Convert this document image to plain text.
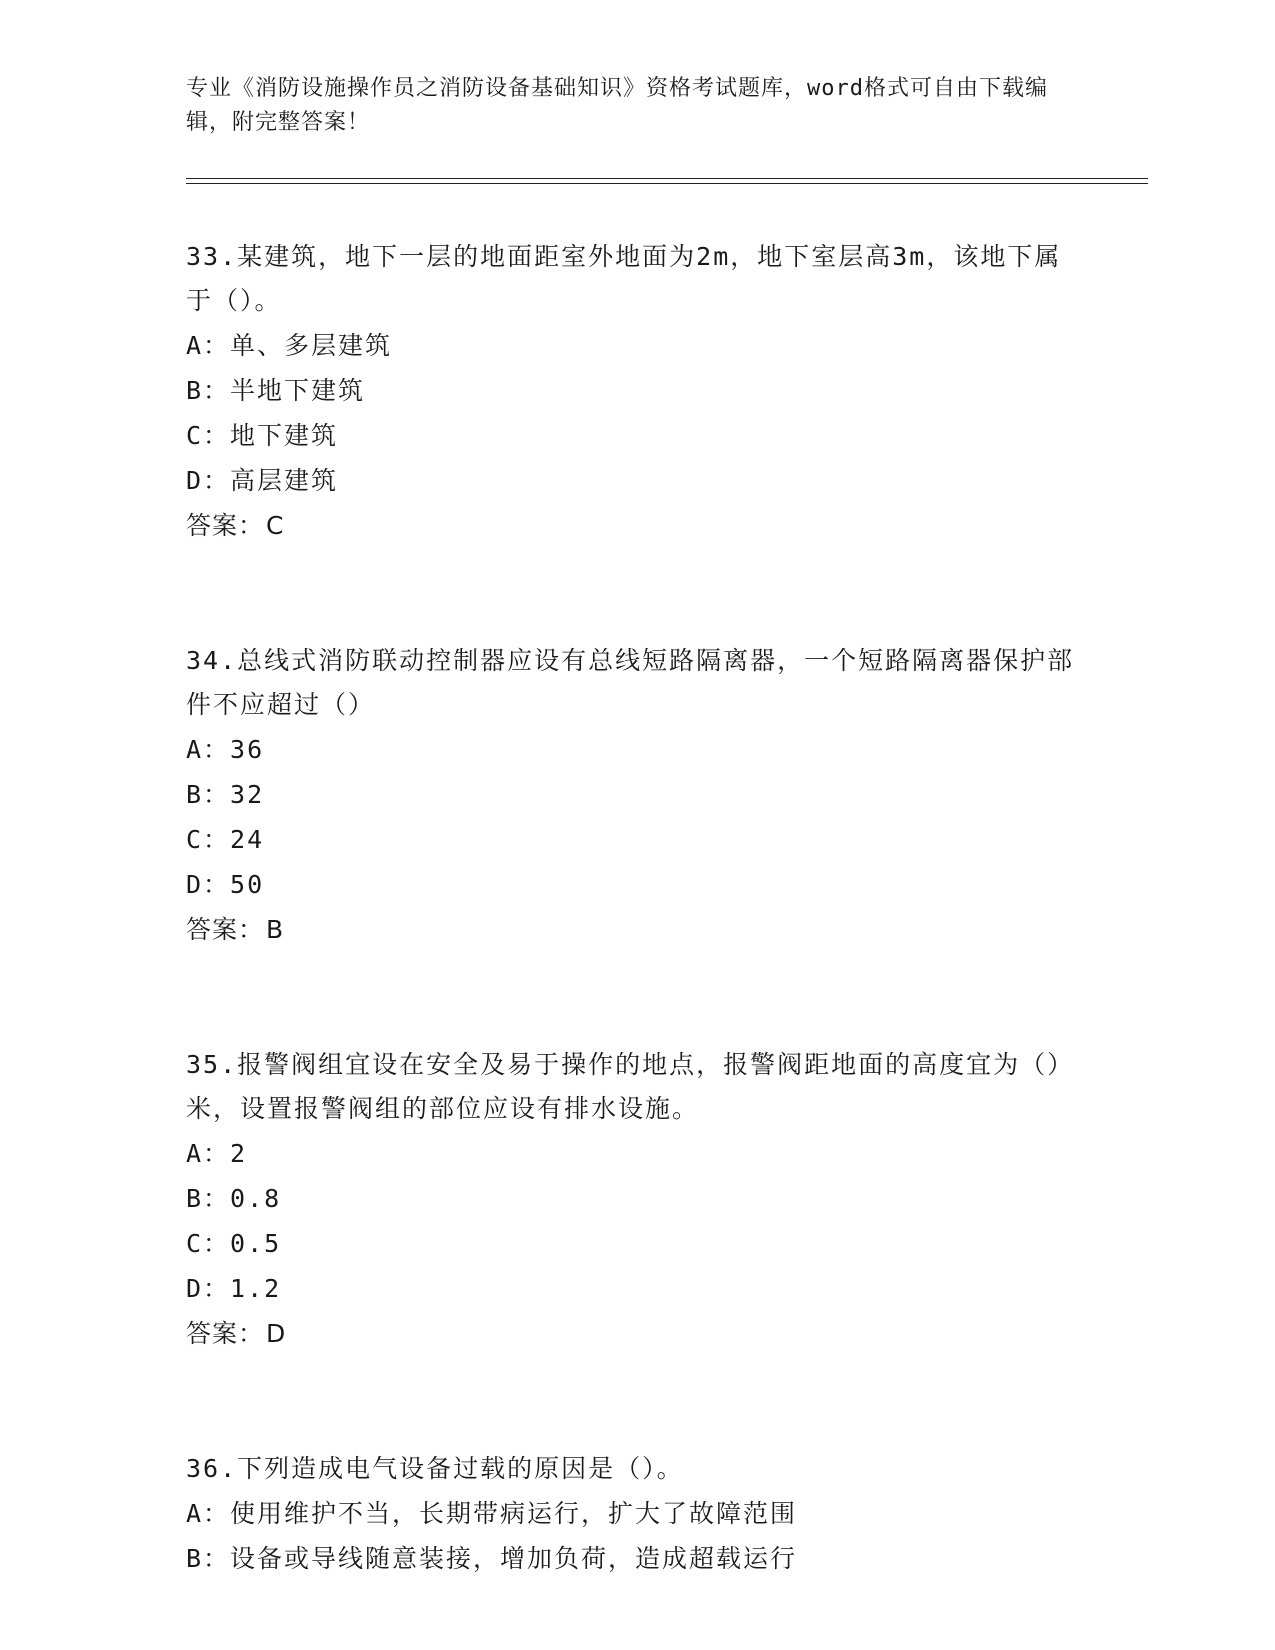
专业《消防设施操作员之消防设备基础知识》资格考试题库，word格式可自由下载编辑，附完整答案！

33.某建筑，地下一层的地面距室外地面为2m，地下室层高3m，该地下属于（）。

A：单、多层建筑

B：半地下建筑

C：地下建筑

D：高层建筑

答案：C

34.总线式消防联动控制器应设有总线短路隔离器，一个短路隔离器保护部件不应超过（）

A：36

B：32

C：24

D：50

答案：B

35.报警阀组宜设在安全及易于操作的地点，报警阀距地面的高度宜为（）米，设置报警阀组的部位应设有排水设施。

A：2

B：0.8

C：0.5

D：1.2

答案：D

36.下列造成电气设备过载的原因是（）。

A：使用维护不当，长期带病运行，扩大了故障范围

B：设备或导线随意装接，增加负荷，造成超载运行
